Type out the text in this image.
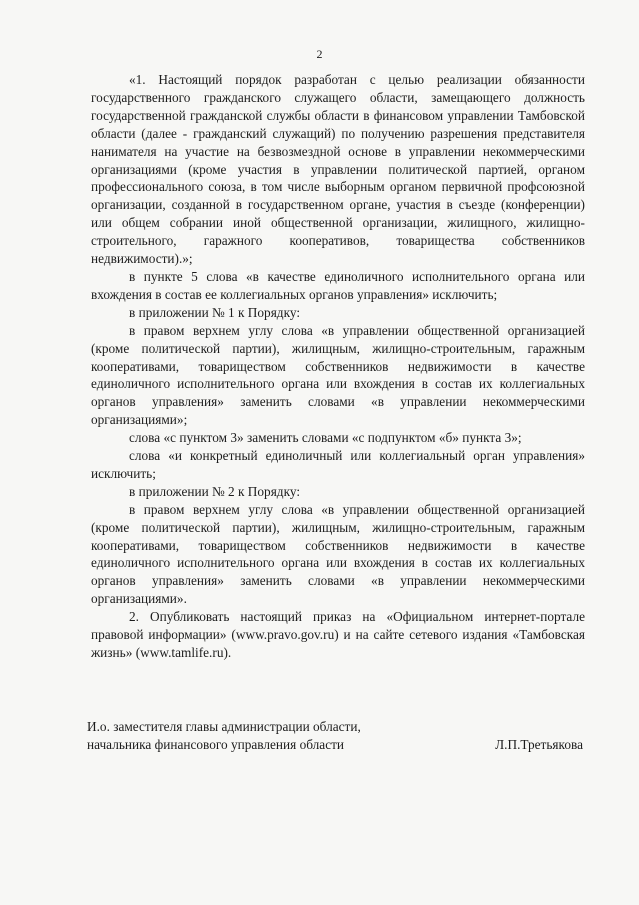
2

«1. Настоящий порядок разработан с целью реализации обязанности государственного гражданского служащего области, замещающего должность государственной гражданской службы области в финансовом управлении Тамбовской области (далее - гражданский служащий) по получению разрешения представителя нанимателя на участие на безвозмездной основе в управлении некоммерческими организациями (кроме участия в управлении политической партией, органом профессионального союза, в том числе выборным органом первичной профсоюзной организации, созданной в государственном органе, участия в съезде (конференции) или общем собрании иной общественной организации, жилищного, жилищно-строительного, гаражного кооперативов, товарищества собственников недвижимости).»;

в пункте 5 слова «в качестве единоличного исполнительного органа или вхождения в состав ее коллегиальных органов управления» исключить;

в приложении № 1 к Порядку:

в правом верхнем углу слова «в управлении общественной организацией (кроме политической партии), жилищным, жилищно-строительным, гаражным кооперативами, товариществом собственников недвижимости в качестве единоличного исполнительного органа или вхождения в состав их коллегиальных органов управления» заменить словами «в управлении некоммерческими организациями»;

слова «с пунктом 3» заменить словами «с подпунктом «б» пункта 3»;

слова «и конкретный единоличный или коллегиальный орган управления» исключить;

в приложении № 2 к Порядку:

в правом верхнем углу слова «в управлении общественной организацией (кроме политической партии), жилищным, жилищно-строительным, гаражным кооперативами, товариществом собственников недвижимости в качестве единоличного исполнительного органа или вхождения в состав их коллегиальных органов управления» заменить словами «в управлении некоммерческими организациями».

2. Опубликовать настоящий приказ на «Официальном интернет-портале правовой информации» (www.pravo.gov.ru) и на сайте сетевого издания «Тамбовская жизнь» (www.tamlife.ru).

И.о. заместителя главы администрации области,
начальника финансового управления области	Л.П.Третьякова
